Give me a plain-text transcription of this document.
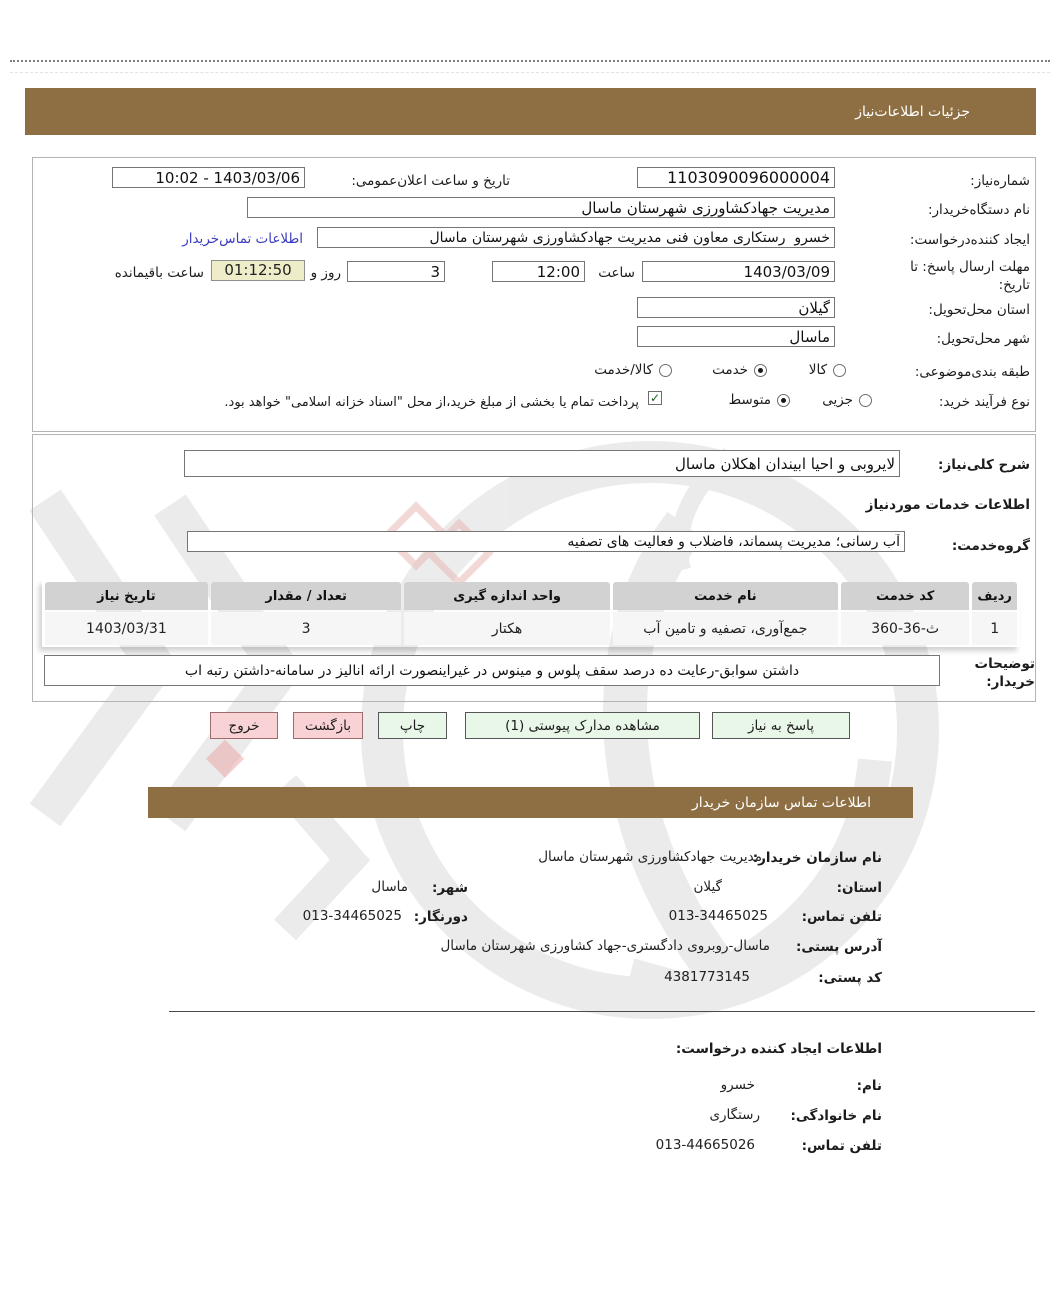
جزئیات اطلاعات‌نیاز
شماره‌نیاز:
1103090096000004
تاریخ و ساعت اعلان‌عمومی:
10:02 - 1403/03/06
نام دستگاه‌خریدار:
مدیریت جهادکشاورزی شهرستان ماسال
ایجاد کننده‌درخواست:
خسرو رستکاری معاون فنی مدیریت جهادکشاورزی شهرستان ماسال
اطلاعات تماس‌خریدار
مهلت ارسال پاسخ: تا تاریخ:
1403/03/09
ساعت
12:00
3
روز و
01:12:50
ساعت باقیمانده
استان محل‌تحویل:
گیلان
شهر محل‌تحویل:
ماسال
طبقه بندی‌موضوعی:
کالا
خدمت
کالا/خدمت
نوع فرآیند خرید:
جزیی
متوسط
✓
پرداخت تمام یا بخشی از مبلغ خرید،از محل "اسناد خزانه اسلامی" خواهد بود.
شرح کلی‌نیاز:
لایروبی و احیا ابیندان اهکلان ماسال
اطلاعات خدمات موردنیاز
گروه‌خدمت:
آب رسانی؛ مدیریت پسماند، فاضلاب و فعالیت های تصفیه
ردیف	کد خدمت	نام خدمت	واحد اندازه گیری	تعداد / مقدار	تاریخ نیاز
1	ث-36-360	جمع‌آوری، تصفیه و تامین آب	هکتار	3	1403/03/31
توضیحات خریدار:
داشتن سوابق-رعایت ده درصد سقف پلوس و مینوس در غیراینصورت ارائه انالیز در سامانه-داشتن رتبه اب
پاسخ به نیاز
مشاهده مدارک پیوستی (1)
چاپ
بازگشت
خروج
اطلاعات تماس سازمان خریدار
نام سازمان خریدار:
مدیریت جهادکشاورزی شهرستان ماسال
استان:
گیلان
شهر:
ماسال
تلفن تماس:
013-34465025
دورنگار:
013-34465025
آدرس پستی:
ماسال-روبروی دادگستری-جهاد کشاورزی شهرستان ماسال
کد پستی:
4381773145
اطلاعات ایجاد کننده درخواست:
نام:
خسرو
نام خانوادگی:
رستگاری
تلفن تماس:
013-44665026
